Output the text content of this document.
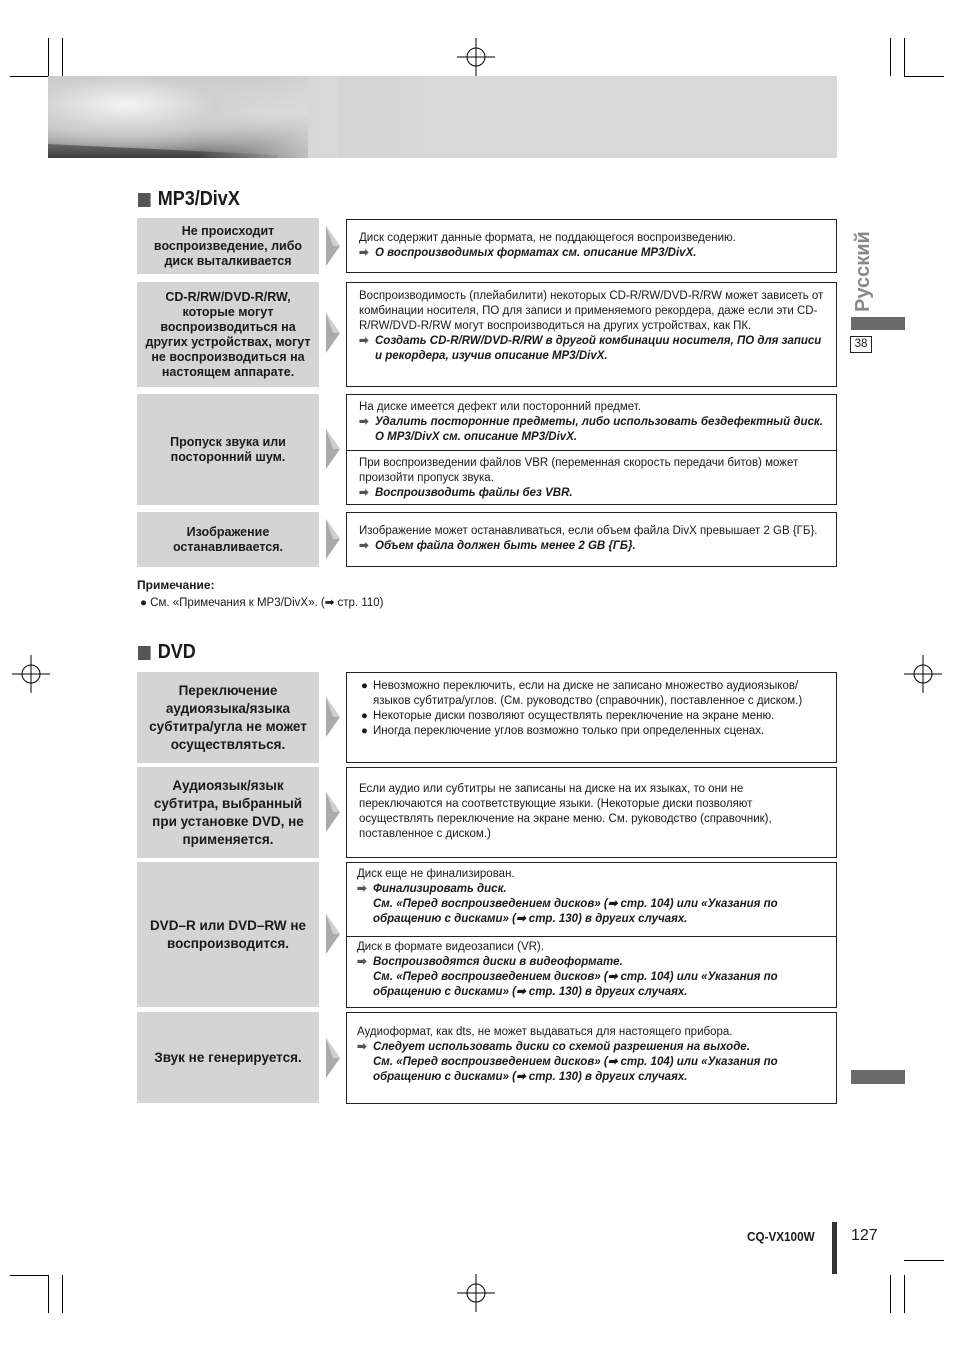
Русский
38
MP3/DivX
Не происходит воспроизведение, либо диск выталкивается
Диск содержит данные формата, не поддающегося воспроизведению.
➡ О воспроизводимых форматах см. описание MP3/DivX.
CD-R/RW/DVD-R/RW, которые могут воспроизводиться на других устройствах, могут не воспроизводиться на настоящем аппарате.
Воспроизводимость (плейабилити) некоторых CD-R/RW/DVD-R/RW может зависеть от комбинации носителя, ПО для записи и применяемого рекордера, даже если эти CD-R/RW/DVD-R/RW могут воспроизводиться на других устройствах, как ПК.
➡ Создать CD-R/RW/DVD-R/RW в другой комбинации носителя, ПО для записи и рекордера, изучив описание MP3/DivX.
Пропуск звука или посторонний шум.
На диске имеется дефект или посторонний предмет.
➡ Удалить посторонние предметы, либо использовать бездефектный диск. О MP3/DivX см. описание MP3/DivX.
При воспроизведении файлов VBR (переменная скорость передачи битов) может произойти пропуск звука.
➡ Воспроизводить файлы без VBR.
Изображение останавливается.
Изображение может останавливаться, если объем файла DivX превышает 2 GB {ГБ}.
➡ Объем файла должен быть менее 2 GB {ГБ}.
Примечание:
● См. «Примечания к MP3/DivX». (➡ стр. 110)
DVD
Переключение аудиоязыка/языка субтитра/угла не может осуществляться.
● Невозможно переключить, если на диске не записано множество аудиоязыков/языков субтитра/углов. (См. руководство (справочник), поставленное с диском.)
● Некоторые диски позволяют осуществлять переключение на экране меню.
● Иногда переключение углов возможно только при определенных сценах.
Аудиоязык/язык субтитра, выбранный при установке DVD, не применяется.
Если аудио или субтитры не записаны на диске на их языках, то они не переключаются на соответствующие языки. (Некоторые диски позволяют осуществлять переключение на экране меню. См. руководство (справочник), поставленное с диском.)
DVD–R или DVD–RW не воспроизводится.
Диск еще не финализирован.
➡ Финализировать диск.
См. «Перед воспроизведением дисков» (➡ стр. 104) или «Указания по обращению с дисками» (➡ стр. 130) в других случаях.
Диск в формате видеозаписи (VR).
➡ Воспроизводятся диски в видеоформате.
См. «Перед воспроизведением дисков» (➡ стр. 104) или «Указания по обращению с дисками» (➡ стр. 130) в других случаях.
Звук не генерируется.
Аудиоформат, как dts, не может выдаваться для настоящего прибора.
➡ Следует использовать диски со схемой разрешения на выходе.
См. «Перед воспроизведением дисков» (➡ стр. 104) или «Указания по обращению с дисками» (➡ стр. 130) в других случаях.
CQ-VX100W 127
